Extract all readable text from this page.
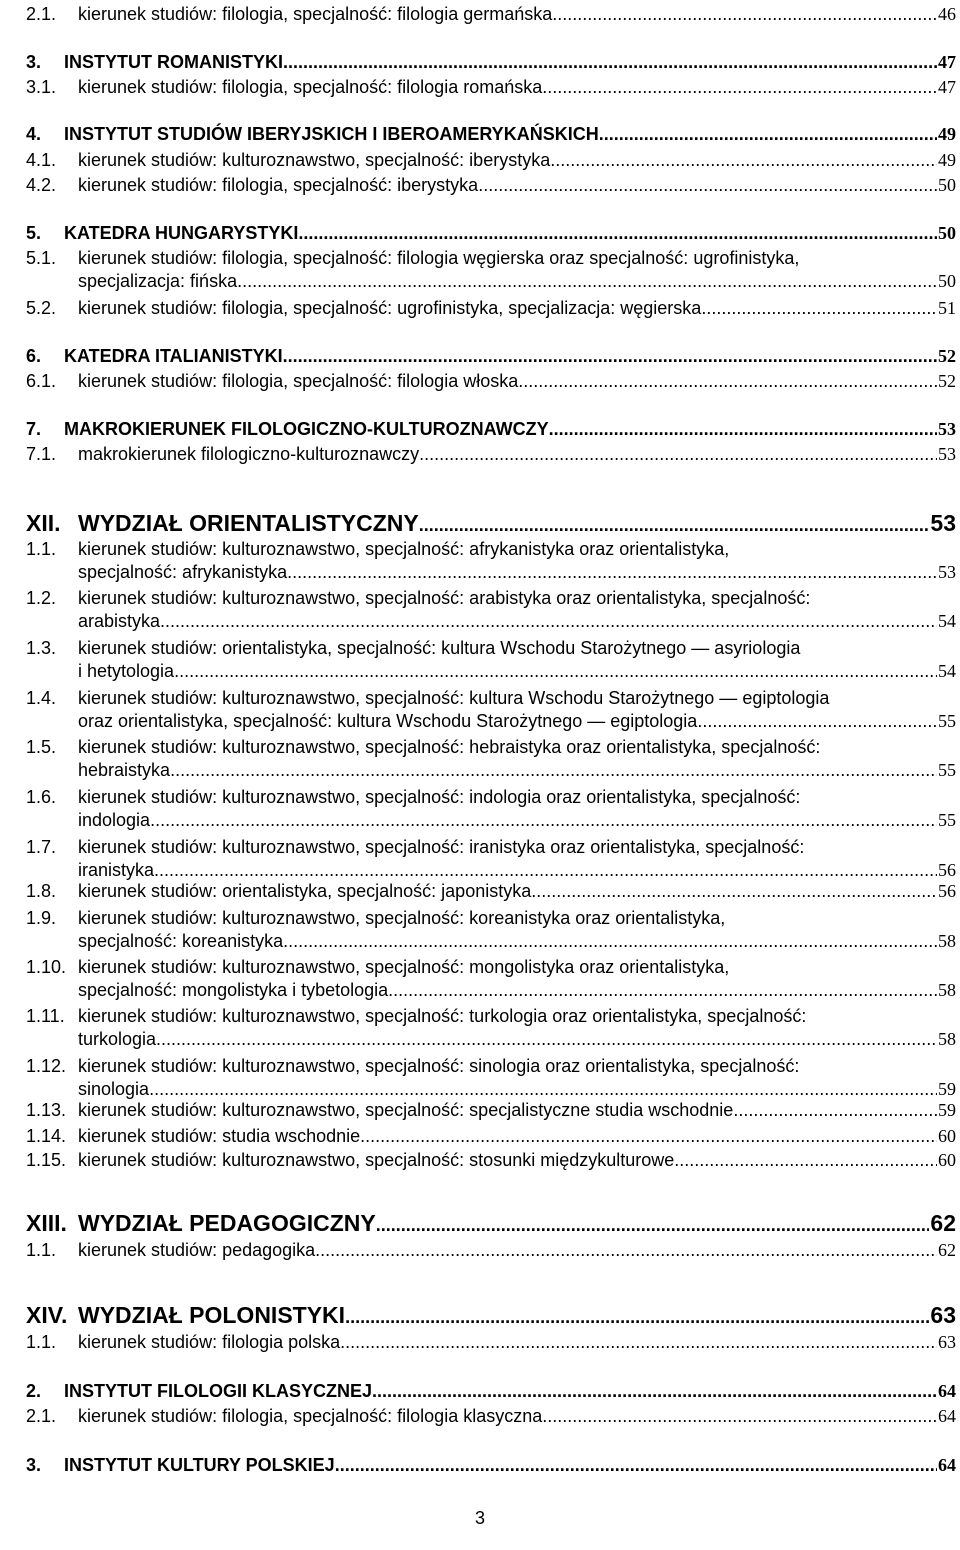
2.1.	kierunek studiów: filologia, specjalność: filologia germańska .....	46
3.	INSTYTUT ROMANISTYKI .....	47
3.1.	kierunek studiów: filologia, specjalność: filologia romańska .....	47
4.	INSTYTUT STUDIÓW IBERYJSKICH I IBEROAMERYKAŃSKICH .....	49
4.1.	kierunek studiów: kulturoznawstwo, specjalność: iberystyka .....	49
4.2.	kierunek studiów: filologia, specjalność: iberystyka .....	50
5.	KATEDRA HUNGARYSTYKI .....	50
5.1.	kierunek studiów: filologia, specjalność: filologia węgierska oraz specjalność: ugrofinistyka,
specjalizacja: fińska .....	50
5.2.	kierunek studiów: filologia, specjalność: ugrofinistyka, specjalizacja: węgierska .....	51
6.	KATEDRA ITALIANISTYKI .....	52
6.1.	kierunek studiów: filologia, specjalność: filologia włoska .....	52
7.	MAKROKIERUNEK FILOLOGICZNO-KULTUROZNAWCZY .....	53
7.1.	makrokierunek filologiczno-kulturoznawczy .....	53
XII. WYDZIAŁ ORIENTALISTYCZNY .....	53
1.1.	kierunek studiów: kulturoznawstwo, specjalność: afrykanistyka oraz orientalistyka,
specjalność: afrykanistyka .....	53
1.2.	kierunek studiów: kulturoznawstwo, specjalność: arabistyka oraz orientalistyka, specjalność:
arabistyka .....	54
1.3.	kierunek studiów: orientalistyka, specjalność: kultura Wschodu Starożytnego — asyriologia
i hetytologia .....	54
1.4.	kierunek studiów: kulturoznawstwo, specjalność: kultura Wschodu Starożytnego — egiptologia
oraz orientalistyka, specjalność: kultura Wschodu Starożytnego — egiptologia .....	55
1.5.	kierunek studiów: kulturoznawstwo, specjalność: hebraistyka oraz orientalistyka, specjalność:
hebraistyka .....	55
1.6.	kierunek studiów: kulturoznawstwo, specjalność: indologia oraz orientalistyka, specjalność:
indologia .....	55
1.7.	kierunek studiów: kulturoznawstwo, specjalność: iranistyka oraz orientalistyka, specjalność:
iranistyka .....	56
1.8.	kierunek studiów: orientalistyka, specjalność: japonistyka .....	56
1.9.	kierunek studiów: kulturoznawstwo, specjalność: koreanistyka oraz orientalistyka,
specjalność: koreanistyka .....	58
1.10. kierunek studiów: kulturoznawstwo, specjalność: mongolistyka oraz orientalistyka,
specjalność: mongolistyka i tybetologia .....	58
1.11. kierunek studiów: kulturoznawstwo, specjalność: turkologia oraz orientalistyka, specjalność:
turkologia .....	58
1.12. kierunek studiów: kulturoznawstwo, specjalność: sinologia oraz orientalistyka, specjalność:
sinologia .....	59
1.13. kierunek studiów: kulturoznawstwo, specjalność: specjalistyczne studia wschodnie .....	59
1.14. kierunek studiów: studia wschodnie .....	60
1.15. kierunek studiów: kulturoznawstwo, specjalność: stosunki międzykulturowe .....	60
XIII. WYDZIAŁ PEDAGOGICZNY .....	62
1.1.	kierunek studiów: pedagogika .....	62
XIV. WYDZIAŁ POLONISTYKI .....	63
1.1.	kierunek studiów: filologia polska .....	63
2.	INSTYTUT FILOLOGII KLASYCZNEJ .....	64
2.1.	kierunek studiów: filologia, specjalność: filologia klasyczna .....	64
3.	INSTYTUT KULTURY POLSKIEJ .....	64
3
